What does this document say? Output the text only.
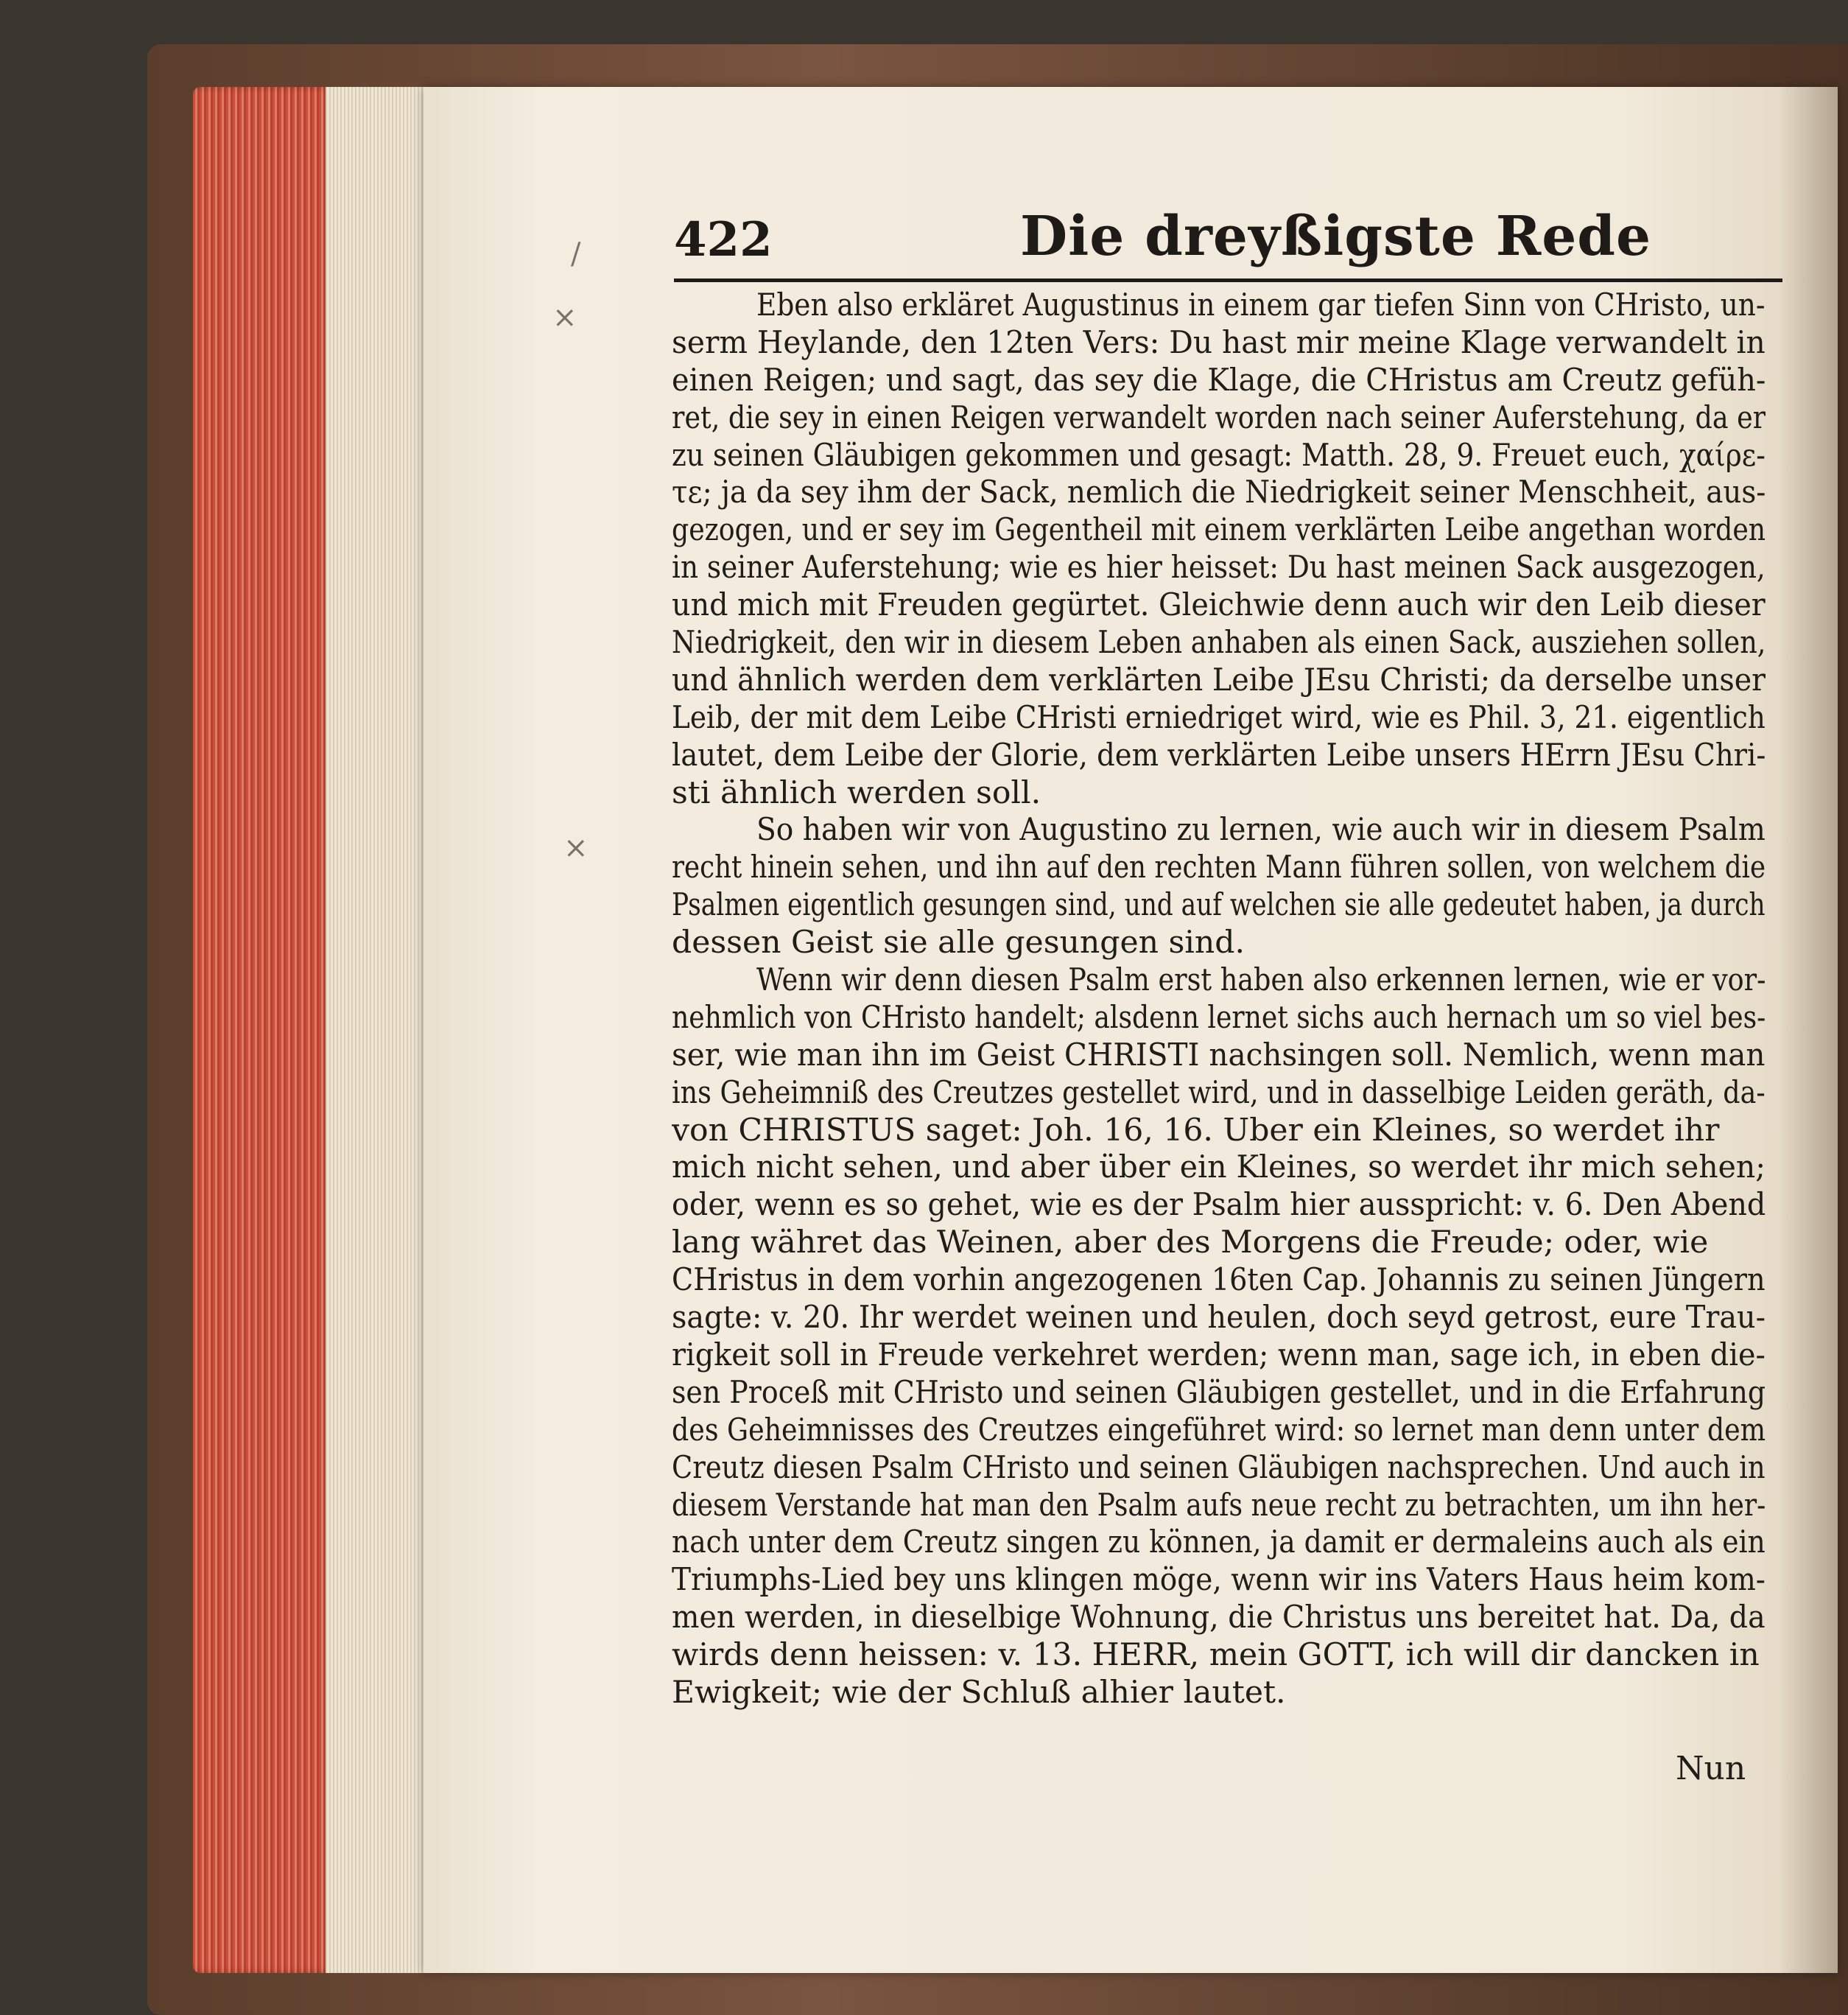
/
×
×
422	Die dreyßigste Rede
Eben also erkläret Augustinus in einem gar tiefen Sinn von CHristo, un-
serm Heylande, den 12ten Vers: Du hast mir meine Klage verwandelt in
einen Reigen; und sagt, das sey die Klage, die CHristus am Creutz gefüh-
ret, die sey in einen Reigen verwandelt worden nach seiner Auferstehung, da er
zu seinen Gläubigen gekommen und gesagt: Matth. 28, 9. Freuet euch, χαίρε-
τε; ja da sey ihm der Sack, nemlich die Niedrigkeit seiner Menschheit, aus-
gezogen, und er sey im Gegentheil mit einem verklärten Leibe angethan worden
in seiner Auferstehung; wie es hier heisset: Du hast meinen Sack ausgezogen,
und mich mit Freuden gegürtet. Gleichwie denn auch wir den Leib dieser
Niedrigkeit, den wir in diesem Leben anhaben als einen Sack, ausziehen sollen,
und ähnlich werden dem verklärten Leibe JEsu Christi; da derselbe unser
Leib, der mit dem Leibe CHristi erniedriget wird, wie es Phil. 3, 21. eigentlich
lautet, dem Leibe der Glorie, dem verklärten Leibe unsers HErrn JEsu Chri-
sti ähnlich werden soll.
So haben wir von Augustino zu lernen, wie auch wir in diesem Psalm
recht hinein sehen, und ihn auf den rechten Mann führen sollen, von welchem die
Psalmen eigentlich gesungen sind, und auf welchen sie alle gedeutet haben, ja durch
dessen Geist sie alle gesungen sind.
Wenn wir denn diesen Psalm erst haben also erkennen lernen, wie er vor-
nehmlich von CHristo handelt; alsdenn lernet sichs auch hernach um so viel bes-
ser, wie man ihn im Geist CHRISTI nachsingen soll. Nemlich, wenn man
ins Geheimniß des Creutzes gestellet wird, und in dasselbige Leiden geräth, da-
von CHRISTUS saget: Joh. 16, 16. Uber ein Kleines, so werdet ihr
mich nicht sehen, und aber über ein Kleines, so werdet ihr mich sehen;
oder, wenn es so gehet, wie es der Psalm hier ausspricht: v. 6. Den Abend
lang währet das Weinen, aber des Morgens die Freude; oder, wie
CHristus in dem vorhin angezogenen 16ten Cap. Johannis zu seinen Jüngern
sagte: v. 20. Ihr werdet weinen und heulen, doch seyd getrost, eure Trau-
rigkeit soll in Freude verkehret werden; wenn man, sage ich, in eben die-
sen Proceß mit CHristo und seinen Gläubigen gestellet, und in die Erfahrung
des Geheimnisses des Creutzes eingeführet wird: so lernet man denn unter dem
Creutz diesen Psalm CHristo und seinen Gläubigen nachsprechen. Und auch in
diesem Verstande hat man den Psalm aufs neue recht zu betrachten, um ihn her-
nach unter dem Creutz singen zu können, ja damit er dermaleins auch als ein
Triumphs-Lied bey uns klingen möge, wenn wir ins Vaters Haus heim kom-
men werden, in dieselbige Wohnung, die Christus uns bereitet hat. Da, da
wirds denn heissen: v. 13. HERR, mein GOTT, ich will dir dancken in
Ewigkeit; wie der Schluß alhier lautet.
Nun
